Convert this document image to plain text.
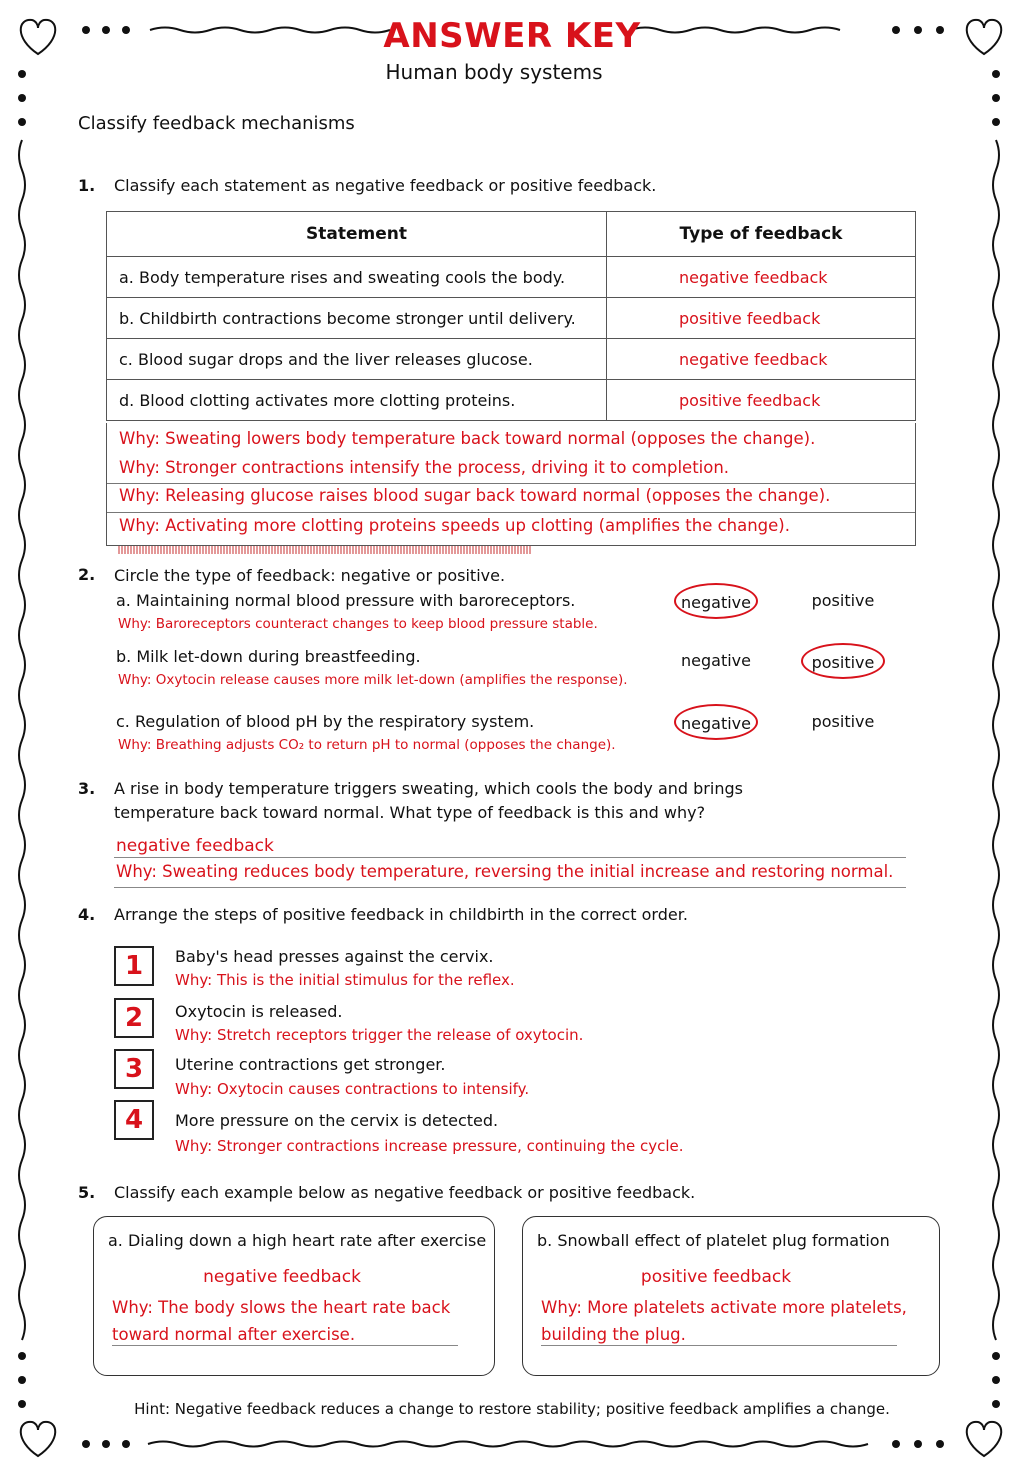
ANSWER KEY
Human body systems
Classify feedback mechanisms
1. Classify each statement as negative feedback or positive feedback.
Statement	Type of feedback
a. Body temperature rises and sweating cools the body.	negative feedback
b. Childbirth contractions become stronger until delivery.	positive feedback
c. Blood sugar drops and the liver releases glucose.	negative feedback
d. Blood clotting activates more clotting proteins.	positive feedback
Why: Sweating lowers body temperature back toward normal (opposes the change).
Why: Stronger contractions intensify the process, driving it to completion.
Why: Releasing glucose raises blood sugar back toward normal (opposes the change).
Why: Activating more clotting proteins speeds up clotting (amplifies the change).
2. Circle the type of feedback: negative or positive.
a. Maintaining normal blood pressure with baroreceptors.
Why: Baroreceptors counteract changes to keep blood pressure stable.
negative	positive
b. Milk let-down during breastfeeding.
Why: Oxytocin release causes more milk let-down (amplifies the response).
negative	positive
c. Regulation of blood pH by the respiratory system.
Why: Breathing adjusts CO₂ to return pH to normal (opposes the change).
negative	positive
3. A rise in body temperature triggers sweating, which cools the body and brings
temperature back toward normal. What type of feedback is this and why?
negative feedback
Why: Sweating reduces body temperature, reversing the initial increase and restoring normal.
4. Arrange the steps of positive feedback in childbirth in the correct order.
1	Baby's head presses against the cervix.
Why: This is the initial stimulus for the reflex.
2	Oxytocin is released.
Why: Stretch receptors trigger the release of oxytocin.
3	Uterine contractions get stronger.
Why: Oxytocin causes contractions to intensify.
4	More pressure on the cervix is detected.
Why: Stronger contractions increase pressure, continuing the cycle.
5. Classify each example below as negative feedback or positive feedback.
a. Dialing down a high heart rate after exercise
negative feedback
Why: The body slows the heart rate back
toward normal after exercise.
b. Snowball effect of platelet plug formation
positive feedback
Why: More platelets activate more platelets,
building the plug.
Hint: Negative feedback reduces a change to restore stability; positive feedback amplifies a change.
